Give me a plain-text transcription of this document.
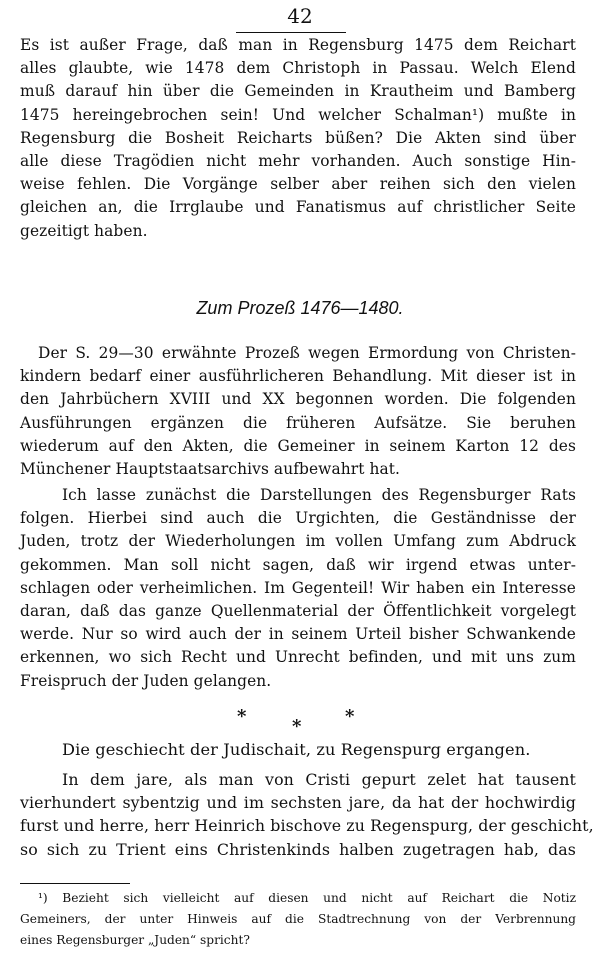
42
Es ist außer Frage, daß man in Regensburg 1475 dem Reichart
alles glaubte, wie 1478 dem Christoph in Passau. Welch Elend
muß darauf hin über die Gemeinden in Krautheim und Bamberg
1475 hereingebrochen sein! Und welcher Schalman¹) mußte in
Regensburg die Bosheit Reicharts büßen? Die Akten sind über
alle diese Tragödien nicht mehr vorhanden. Auch sonstige Hin-
weise fehlen. Die Vorgänge selber aber reihen sich den vielen
gleichen an, die Irrglaube und Fanatismus auf christlicher Seite
gezeitigt haben.
Zum Prozeß 1476—1480.
Der S. 29—30 erwähnte Prozeß wegen Ermordung von Christen-
kindern bedarf einer ausführlicheren Behandlung. Mit dieser ist in
den Jahrbüchern XVIII und XX begonnen worden. Die folgenden
Ausführungen ergänzen die früheren Aufsätze. Sie beruhen
wiederum auf den Akten, die Gemeiner in seinem Karton 12 des
Münchener Hauptstaatsarchivs aufbewahrt hat.
Ich lasse zunächst die Darstellungen des Regensburger Rats
folgen. Hierbei sind auch die Urgichten, die Geständnisse der
Juden, trotz der Wiederholungen im vollen Umfang zum Abdruck
gekommen. Man soll nicht sagen, daß wir irgend etwas unter-
schlagen oder verheimlichen. Im Gegenteil! Wir haben ein Interesse
daran, daß das ganze Quellenmaterial der Öffentlichkeit vorgelegt
werde. Nur so wird auch der in seinem Urteil bisher Schwankende
erkennen, wo sich Recht und Unrecht befinden, und mit uns zum
Freispruch der Juden gelangen.
*	* *
Die geschiecht der Judischait, zu Regenspurg ergangen.
In dem jare, als man von Cristi gepurt zelet hat tausent
vierhundert sybentzig und im sechsten jare, da hat der hochwirdig
furst und herre, herr Heinrich bischove zu Regenspurg, der geschicht,
so sich zu Trient eins Christenkinds halben zugetragen hab, das
¹) Bezieht sich vielleicht auf diesen und nicht auf Reichart die Notiz
Gemeiners, der unter Hinweis auf die Stadtrechnung von der Verbrennung
eines Regensburger „Juden“ spricht?
